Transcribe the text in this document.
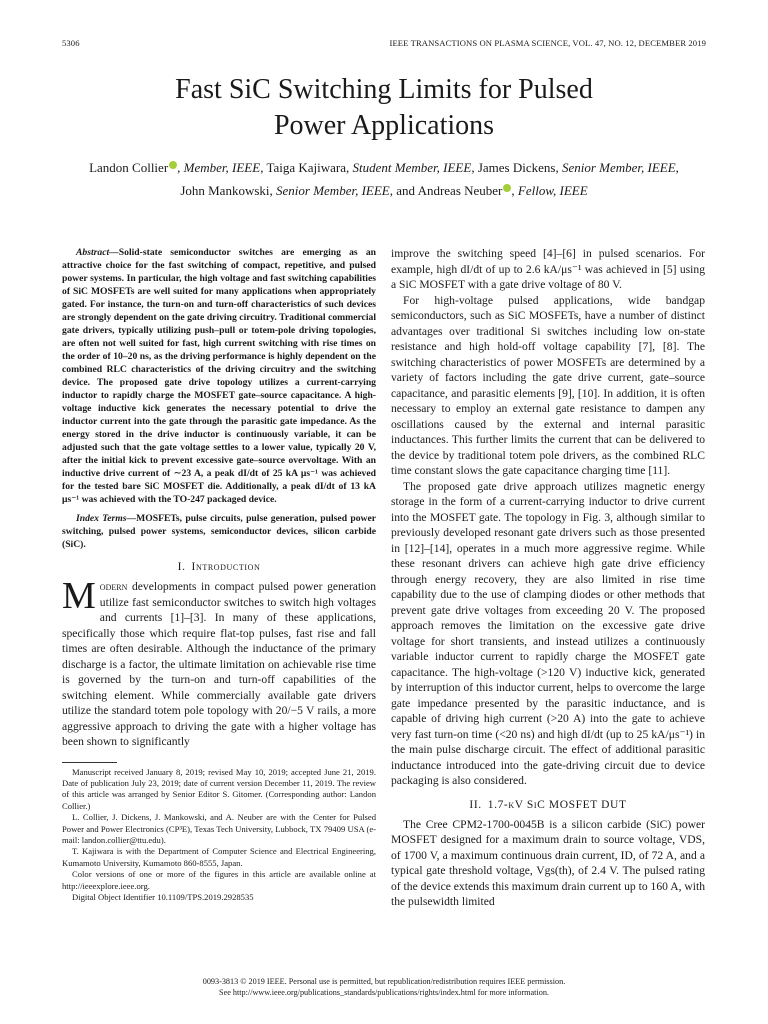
5306	IEEE TRANSACTIONS ON PLASMA SCIENCE, VOL. 47, NO. 12, DECEMBER 2019
Fast SiC Switching Limits for Pulsed
Power Applications
Landon Collier , Member, IEEE, Taiga Kajiwara, Student Member, IEEE, James Dickens, Senior Member, IEEE,
John Mankowski, Senior Member, IEEE, and Andreas Neuber , Fellow, IEEE

Abstract—Solid-state semiconductor switches are emerging as an attractive choice for the fast switching of compact, repetitive, and pulsed power systems. In particular, the high voltage and fast switching capabilities of SiC MOSFETs are well suited for many applications when appropriately gated. For instance, the turn-on and turn-off characteristics of such devices are strongly dependent on the gate driving circuitry. Traditional commercial gate drivers, typically utilizing push–pull or totem-pole driving topologies, are often not well suited for fast, high current switching with rise times on the order of 10–20 ns, as the driving performance is highly dependent on the combined RLC characteristics of the driving circuitry and the switching device. The proposed gate drive topology utilizes a current-carrying inductor to rapidly charge the MOSFET gate–source capacitance. A high-voltage inductive kick generates the necessary potential to drive the inductor current into the gate through the parasitic gate impedance. As the energy stored in the drive inductor is continuously variable, it can be adjusted such that the gate voltage settles to a lower value, typically 20 V, after the initial kick to prevent excessive gate–source overvoltage. With an inductive drive current of ∼23 A, a peak dI/dt of 25 kA μs⁻¹ was achieved for the tested bare SiC MOSFET die. Additionally, a peak dI/dt of 13 kA μs⁻¹ was achieved with the TO-247 packaged device.

Index Terms—MOSFETs, pulse circuits, pulse generation, pulsed power switching, pulsed power systems, semiconductor devices, silicon carbide (SiC).

I. Introduction

Modern developments in compact pulsed power generation utilize fast semiconductor switches to switch high voltages and currents [1]–[3]. In many of these applications, specifically those which require flat-top pulses, fast rise and fall times are often desirable. Although the inductance of the primary discharge is a factor, the ultimate limitation on achievable rise time is governed by the turn-on and turn-off capabilities of the switching element. While commercially available gate drivers utilize the standard totem pole topology with 20/−5 V rails, a more aggressive approach to driving the gate with a higher voltage has been shown to significantly

Manuscript received January 8, 2019; revised May 10, 2019; accepted June 21, 2019. Date of publication July 23, 2019; date of current version December 11, 2019. The review of this article was arranged by Senior Editor S. Gitomer. (Corresponding author: Landon Collier.)

L. Collier, J. Dickens, J. Mankowski, and A. Neuber are with the Center for Pulsed Power and Power Electronics (CP³E), Texas Tech University, Lubbock, TX 79409 USA (e-mail: landon.collier@ttu.edu).

T. Kajiwara is with the Department of Computer Science and Electrical Engineering, Kumamoto University, Kumamoto 860-8555, Japan.

Color versions of one or more of the figures in this article are available online at http://ieeexplore.ieee.org.

Digital Object Identifier 10.1109/TPS.2019.2928535

improve the switching speed [4]–[6] in pulsed scenarios. For example, high dI/dt of up to 2.6 kA/μs⁻¹ was achieved in [5] using a SiC MOSFET with a gate drive voltage of 80 V.

For high-voltage pulsed applications, wide bandgap semiconductors, such as SiC MOSFETs, have a number of distinct advantages over traditional Si switches including low on-state resistance and high hold-off voltage capability [7], [8]. The switching characteristics of power MOSFETs are determined by a variety of factors including the gate drive current, gate–source capacitance, and parasitic elements [9], [10]. In addition, it is often necessary to employ an external gate resistance to dampen any oscillations caused by the external and internal parasitic inductances. This further limits the current that can be delivered to the device by traditional totem pole drivers, as the combined RLC time constant slows the gate capacitance charging time [11].

The proposed gate drive approach utilizes magnetic energy storage in the form of a current-carrying inductor to drive current into the MOSFET gate. The topology in Fig. 3, although similar to previously developed resonant gate drivers such as those presented in [12]–[14], operates in a much more aggressive regime. While these resonant drivers can achieve high gate drive efficiency through energy recovery, they are also limited in rise time capability due to the use of clamping diodes or other methods that prevent gate drive voltages from exceeding 20 V. The proposed approach removes the limitation on the excessive gate drive voltage for short transients, and instead utilizes a continuously variable inductor current to rapidly charge the MOSFET gate capacitance. The high-voltage (>120 V) inductive kick, generated by interruption of this inductor current, helps to overcome the large gate impedance presented by the parasitic inductance, and is capable of driving high current (>20 A) into the gate to achieve very fast turn-on time (<20 ns) and high dI/dt (up to 25 kA/μs⁻¹) in the main pulse discharge circuit. The effect of additional parasitic inductance introduced into the gate-driving circuit due to device packaging is also considered.

II. 1.7-kV SiC MOSFET DUT

The Cree CPM2-1700-0045B is a silicon carbide (SiC) power MOSFET designed for a maximum drain to source voltage, VDS, of 1700 V, a maximum continuous drain current, ID, of 72 A, and a typical gate threshold voltage, Vgs(th), of 2.4 V. The pulsed rating of the device extends this maximum drain current up to 160 A, with the pulsewidth limited

0093-3813 © 2019 IEEE. Personal use is permitted, but republication/redistribution requires IEEE permission.
See http://www.ieee.org/publications_standards/publications/rights/index.html for more information.
